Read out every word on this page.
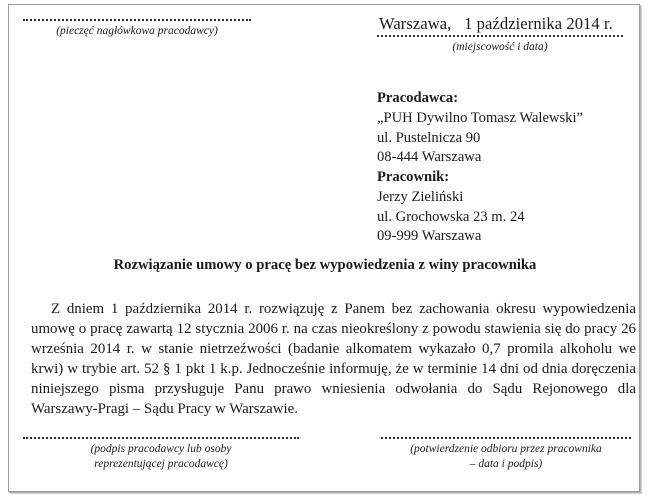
(pieczęć nagłówkowa pracodawcy)	Warszawa,   1 października 2014 r.
(miejscowość i data)
Pracodawca:
„PUH Dywilno Tomasz Walewski”
ul. Pustelnicza 90
08-444 Warszawa
Pracownik:
Jerzy Zieliński
ul. Grochowska 23 m. 24
09-999 Warszawa
Rozwiązanie umowy o pracę bez wypowiedzenia z winy pracownika

Z dniem 1 października 2014 r. rozwiązuję z Panem bez zachowania okresu wypowiedzenia umowę o pracę zawartą 12 stycznia 2006 r. na czas nieokreślony z powodu stawienia się do pracy 26 września 2014 r. w stanie nietrzeźwości (badanie alkomatem wykazało 0,7 promila alkoholu we krwi) w trybie art. 52 § 1 pkt 1 k.p. Jednocześnie informuję, że w terminie 14 dni od dnia doręczenia niniejszego pisma przysługuje Panu prawo wniesienia odwołania do Sądu Rejonowego dla Warszawy-Pragi – Sądu Pracy w Warszawie.

(podpis pracodawcy lub osoby
reprezentującej pracodawcę)
(potwierdzenie odbioru przez pracownika
– data i podpis)
